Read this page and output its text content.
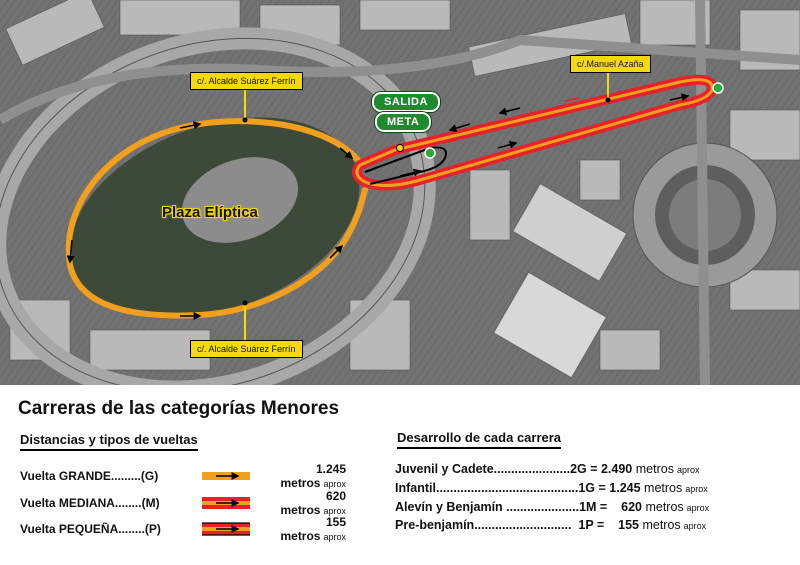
c/. Alcalde Suárez Ferrín
c/. Alcalde Suárez Ferrín
c/.Manuel Azaña
SALIDA
META
Plaza Elíptica
Carreras de las categorías Menores
Distancias y tipos de vueltas
Vuelta GRANDE.........(G)	1.245 metros aprox
Vuelta MEDIANA........(M)	620 metros aprox
Vuelta PEQUEÑA........(P)	155 metros aprox
Desarrollo de cada carrera
Juvenil y Cadete......................2G = 2.490 metros aprox
Infantil.........................................1G = 1.245 metros aprox
Alevín y Benjamín .....................1M =    620 metros aprox
Pre-benjamín............................  1P =    155 metros aprox
